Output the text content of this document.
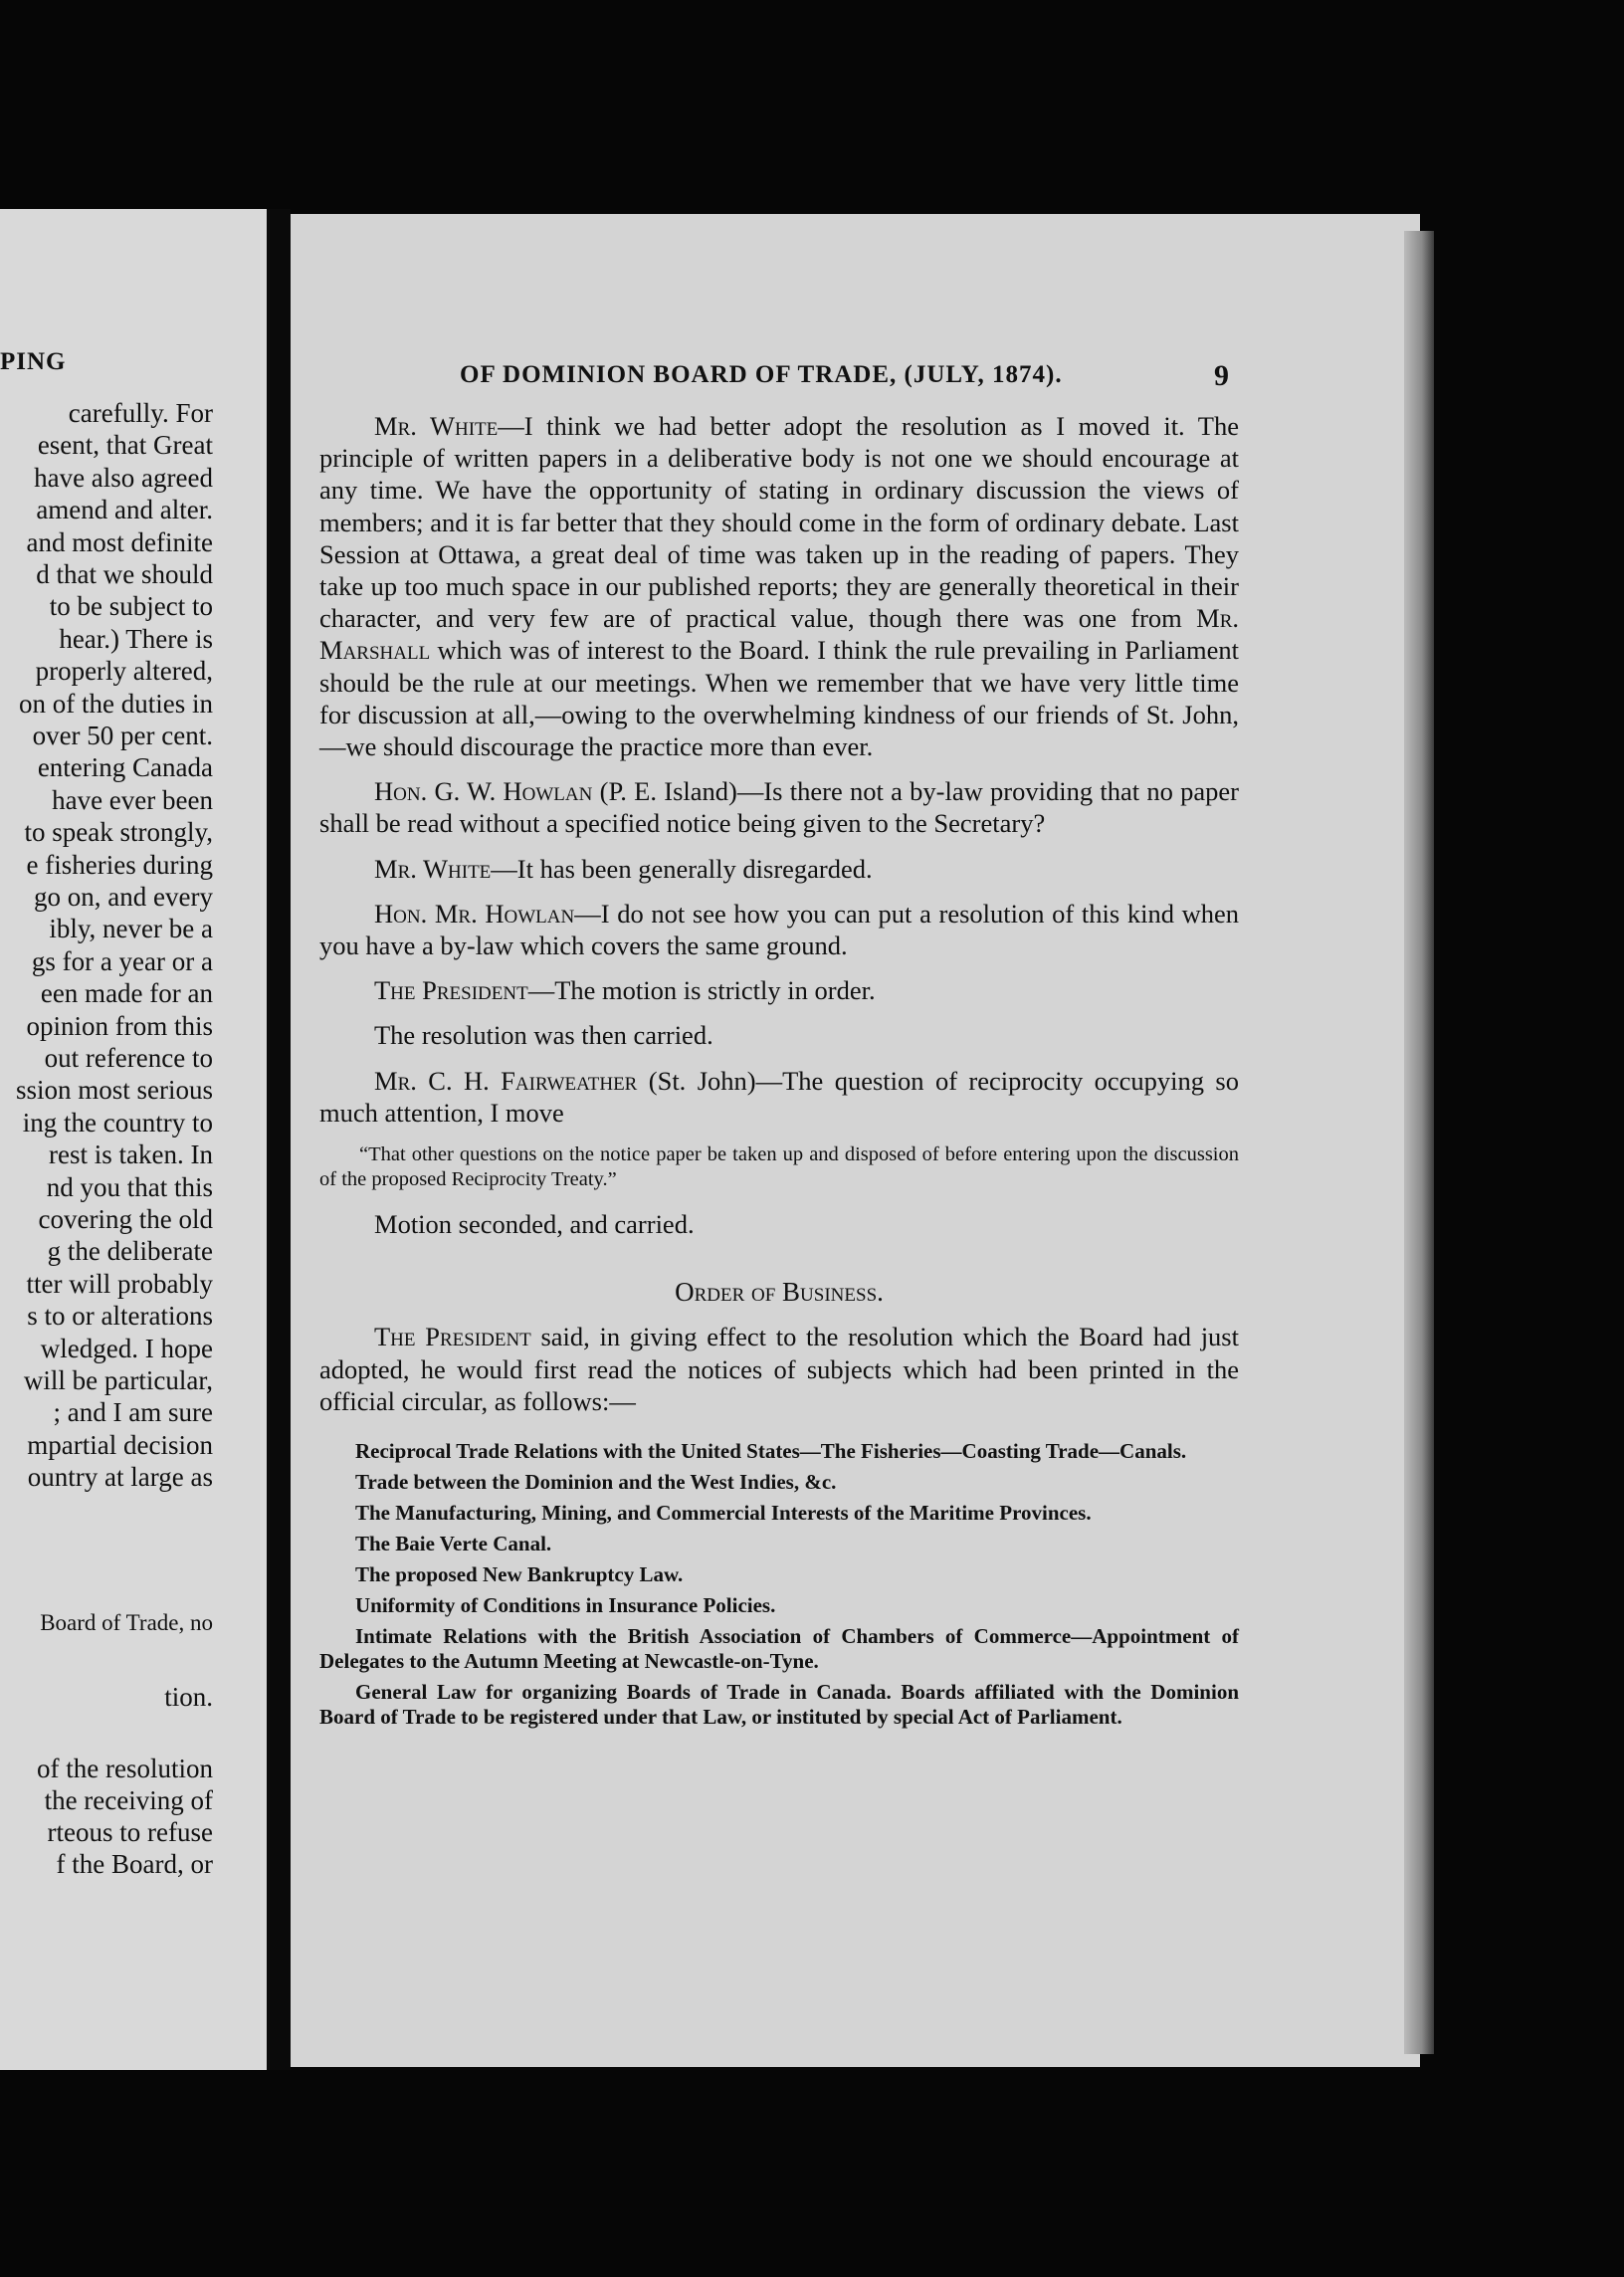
PING
carefully. For
esent, that Great
have also agreed
amend and alter.
and most definite
d that we should
to be subject to
hear.) There is
properly altered,
on of the duties in
over 50 per cent.
entering Canada
have ever been
to speak strongly,
e fisheries during
go on, and every
ibly, never be a
gs for a year or a
een made for an
opinion from this
out reference to
ssion most serious
ing the country to
rest is taken. In
nd you that this
covering the old
g the deliberate
tter will probably
s to or alterations
wledged. I hope
will be particular,
; and I am sure
mpartial decision
ountry at large as
Board of Trade, no
tion.
of the resolution
the receiving of
rteous to refuse
f the Board, or
OF DOMINION BOARD OF TRADE, (JULY, 1874).	9

Mr. White—I think we had better adopt the resolution as I moved it. The principle of written papers in a deliberative body is not one we should encourage at any time. We have the opportunity of stating in ordinary discussion the views of members; and it is far better that they should come in the form of ordinary debate. Last Session at Ottawa, a great deal of time was taken up in the reading of papers. They take up too much space in our published reports; they are generally theoretical in their character, and very few are of practical value, though there was one from Mr. Marshall which was of interest to the Board. I think the rule prevailing in Parliament should be the rule at our meetings. When we remember that we have very little time for discussion at all,—owing to the overwhelming kindness of our friends of St. John,—we should discourage the practice more than ever.

Hon. G. W. Howlan (P. E. Island)—Is there not a by-law providing that no paper shall be read without a specified notice being given to the Secretary?

Mr. White—It has been generally disregarded.

Hon. Mr. Howlan—I do not see how you can put a resolution of this kind when you have a by-law which covers the same ground.

The President—The motion is strictly in order.

The resolution was then carried.

Mr. C. H. Fairweather (St. John)—The question of reciprocity occupying so much attention, I move

“That other questions on the notice paper be taken up and disposed of before entering upon the discussion of the proposed Reciprocity Treaty.”

Motion seconded, and carried.

Order of Business.

The President said, in giving effect to the resolution which the Board had just adopted, he would first read the notices of subjects which had been printed in the official circular, as follows:—

Reciprocal Trade Relations with the United States—The Fisheries—Coasting Trade—Canals.
Trade between the Dominion and the West Indies, &c.
The Manufacturing, Mining, and Commercial Interests of the Maritime Provinces.
The Baie Verte Canal.
The proposed New Bankruptcy Law.
Uniformity of Conditions in Insurance Policies.
Intimate Relations with the British Association of Chambers of Commerce—Appointment of Delegates to the Autumn Meeting at Newcastle-on-Tyne.
General Law for organizing Boards of Trade in Canada. Boards affiliated with the Dominion Board of Trade to be registered under that Law, or instituted by special Act of Parliament.
